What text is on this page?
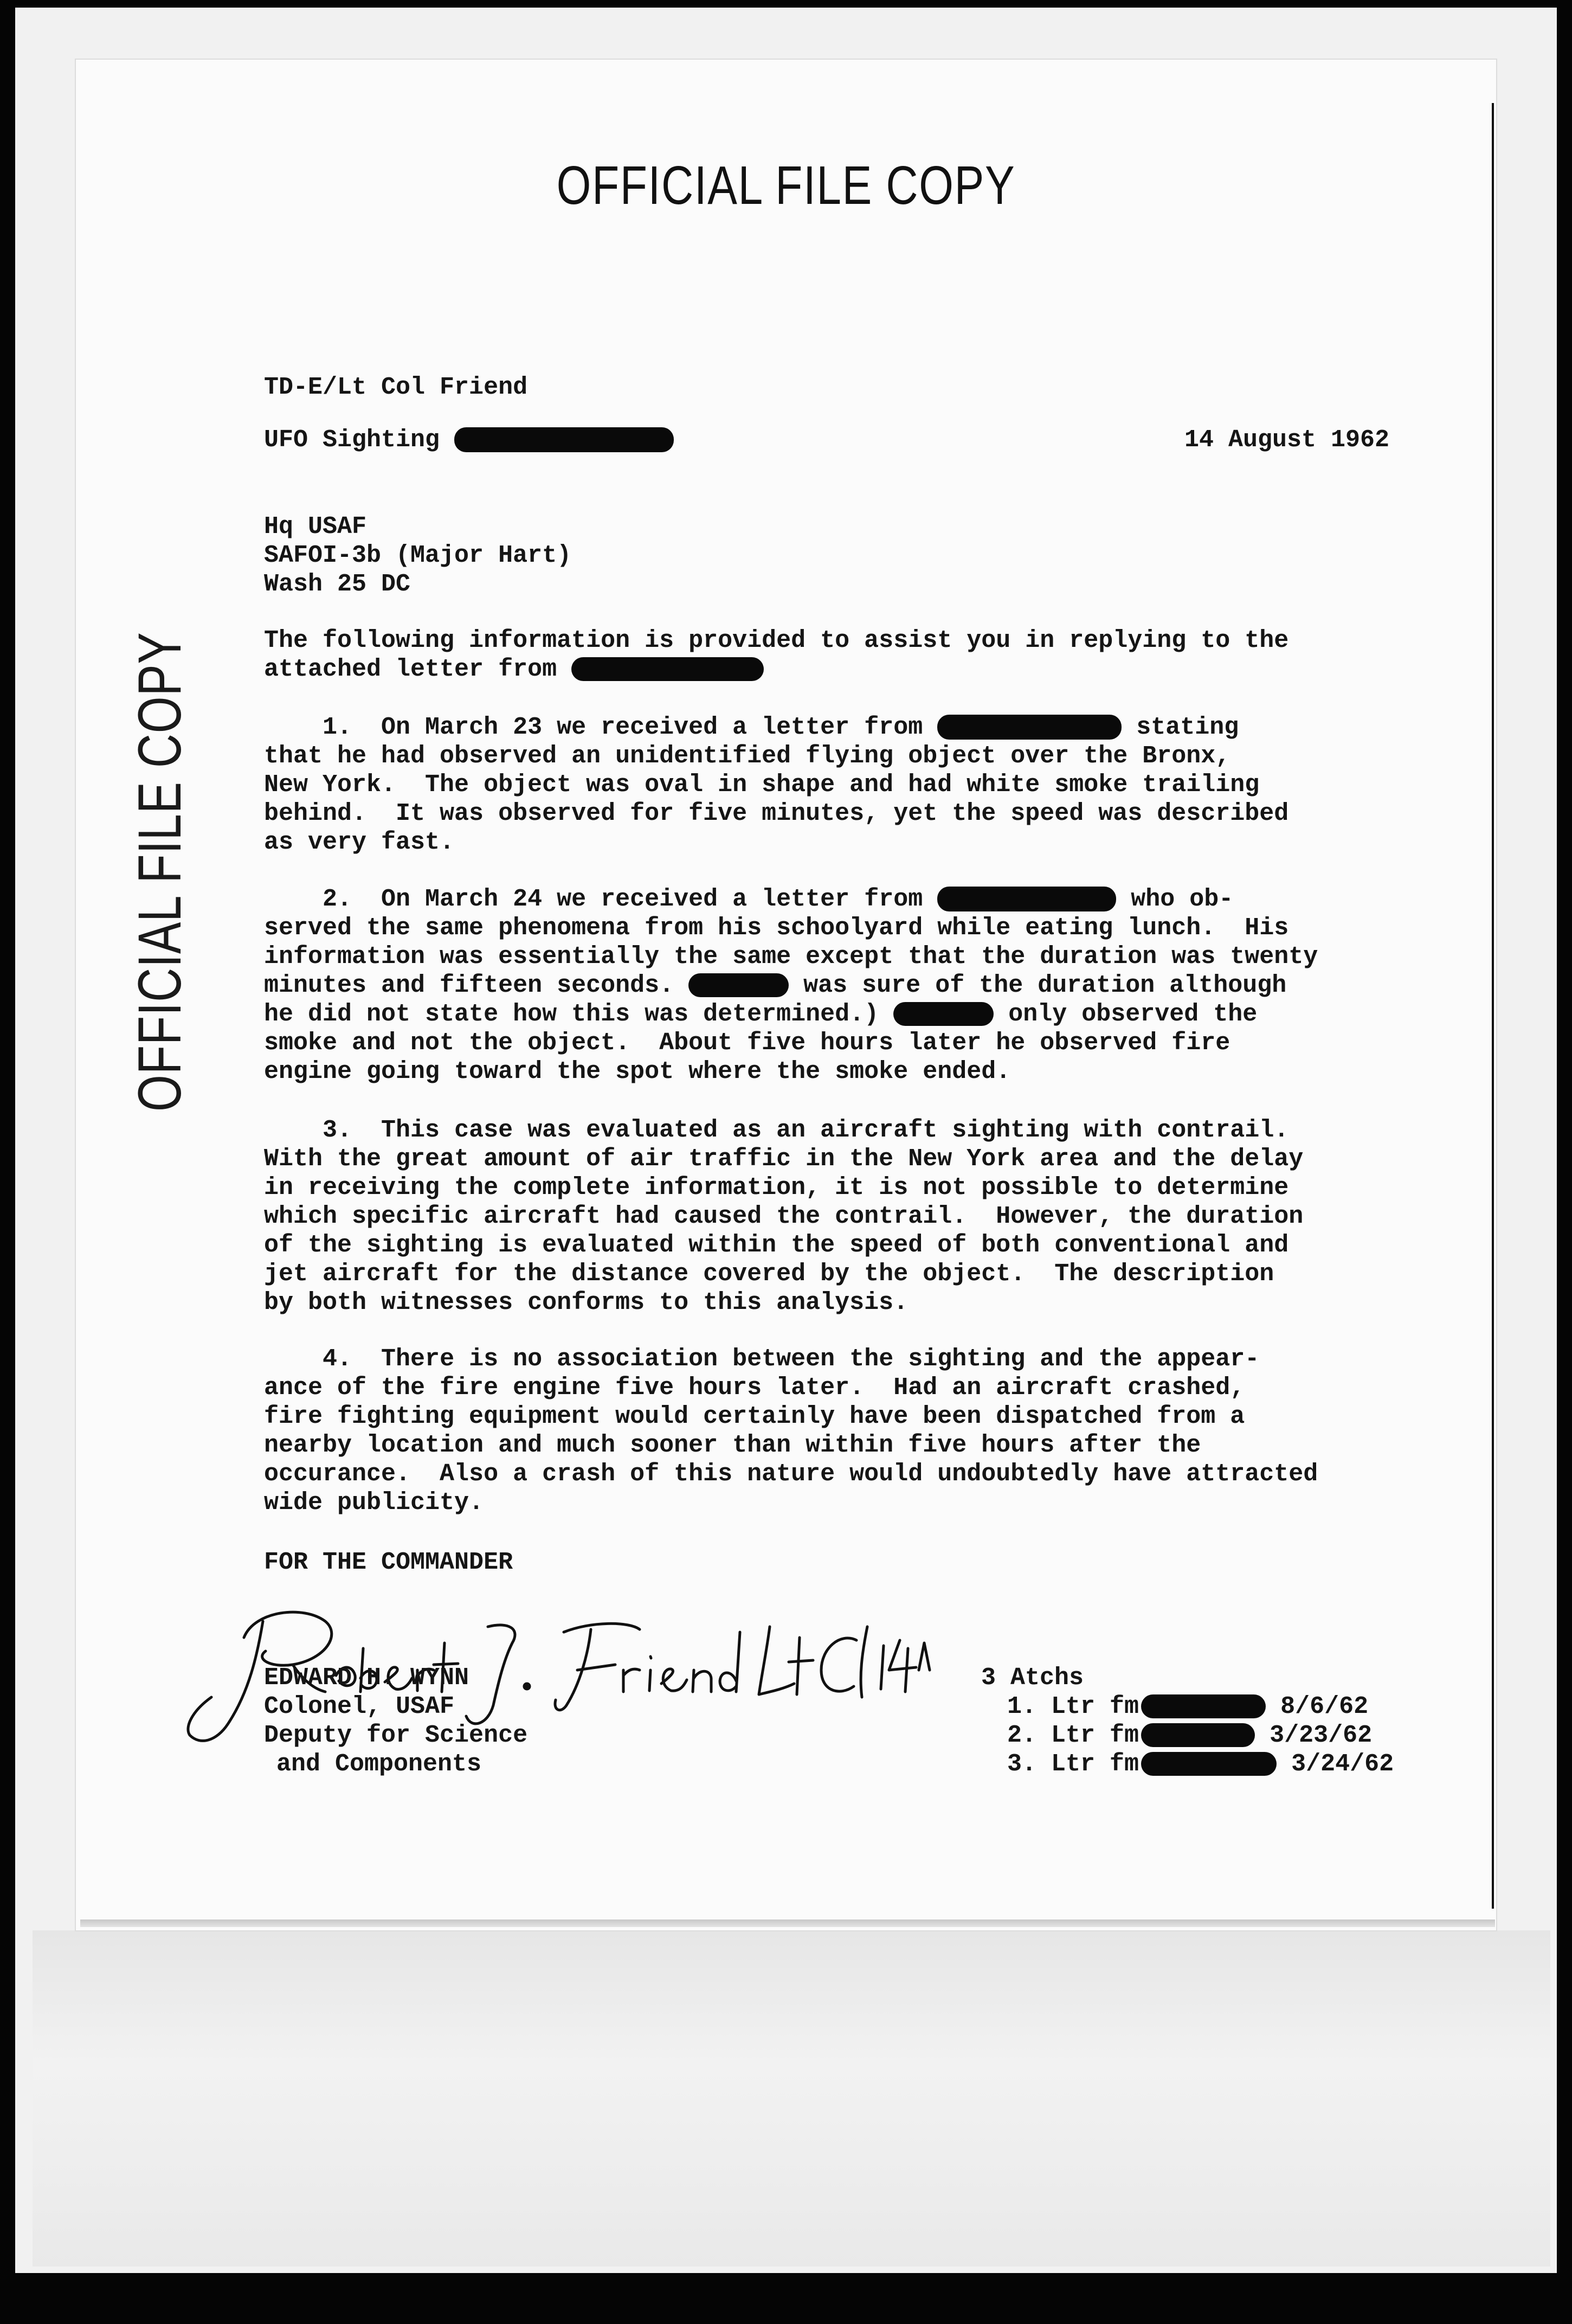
OFFICIAL FILE COPY
OFFICIAL FILE COPY
TD-E/Lt Col Friend
UFO Sighting	14 August 1962
Hq USAF
SAFOI-3b (Major Hart)
Wash 25 DC
The following information is provided to assist you in replying to the
attached letter from
1.  On March 23 we received a letter from	stating
that he had observed an unidentified flying object over the Bronx,
New York.  The object was oval in shape and had white smoke trailing
behind.  It was observed for five minutes, yet the speed was described
as very fast.
2.  On March 24 we received a letter from	who ob-
served the same phenomena from his schoolyard while eating lunch.  His
information was essentially the same except that the duration was twenty
minutes and fifteen seconds.	was sure of the duration although
he did not state how this was determined.)	only observed the
smoke and not the object.  About five hours later he observed fire
engine going toward the spot where the smoke ended.
3.  This case was evaluated as an aircraft sighting with contrail.
With the great amount of air traffic in the New York area and the delay
in receiving the complete information, it is not possible to determine
which specific aircraft had caused the contrail.  However, the duration
of the sighting is evaluated within the speed of both conventional and
jet aircraft for the distance covered by the object.  The description
by both witnesses conforms to this analysis.
4.  There is no association between the sighting and the appear-
ance of the fire engine five hours later.  Had an aircraft crashed,
fire fighting equipment would certainly have been dispatched from a
nearby location and much sooner than within five hours after the
occurance.  Also a crash of this nature would undoubtedly have attracted
wide publicity.
FOR THE COMMANDER
EDWARD H. WYNN
Colonel, USAF
Deputy for Science
and Components
3 Atchs
1. Ltr fm	8/6/62
2. Ltr fm	3/23/62
3. Ltr fm	3/24/62
